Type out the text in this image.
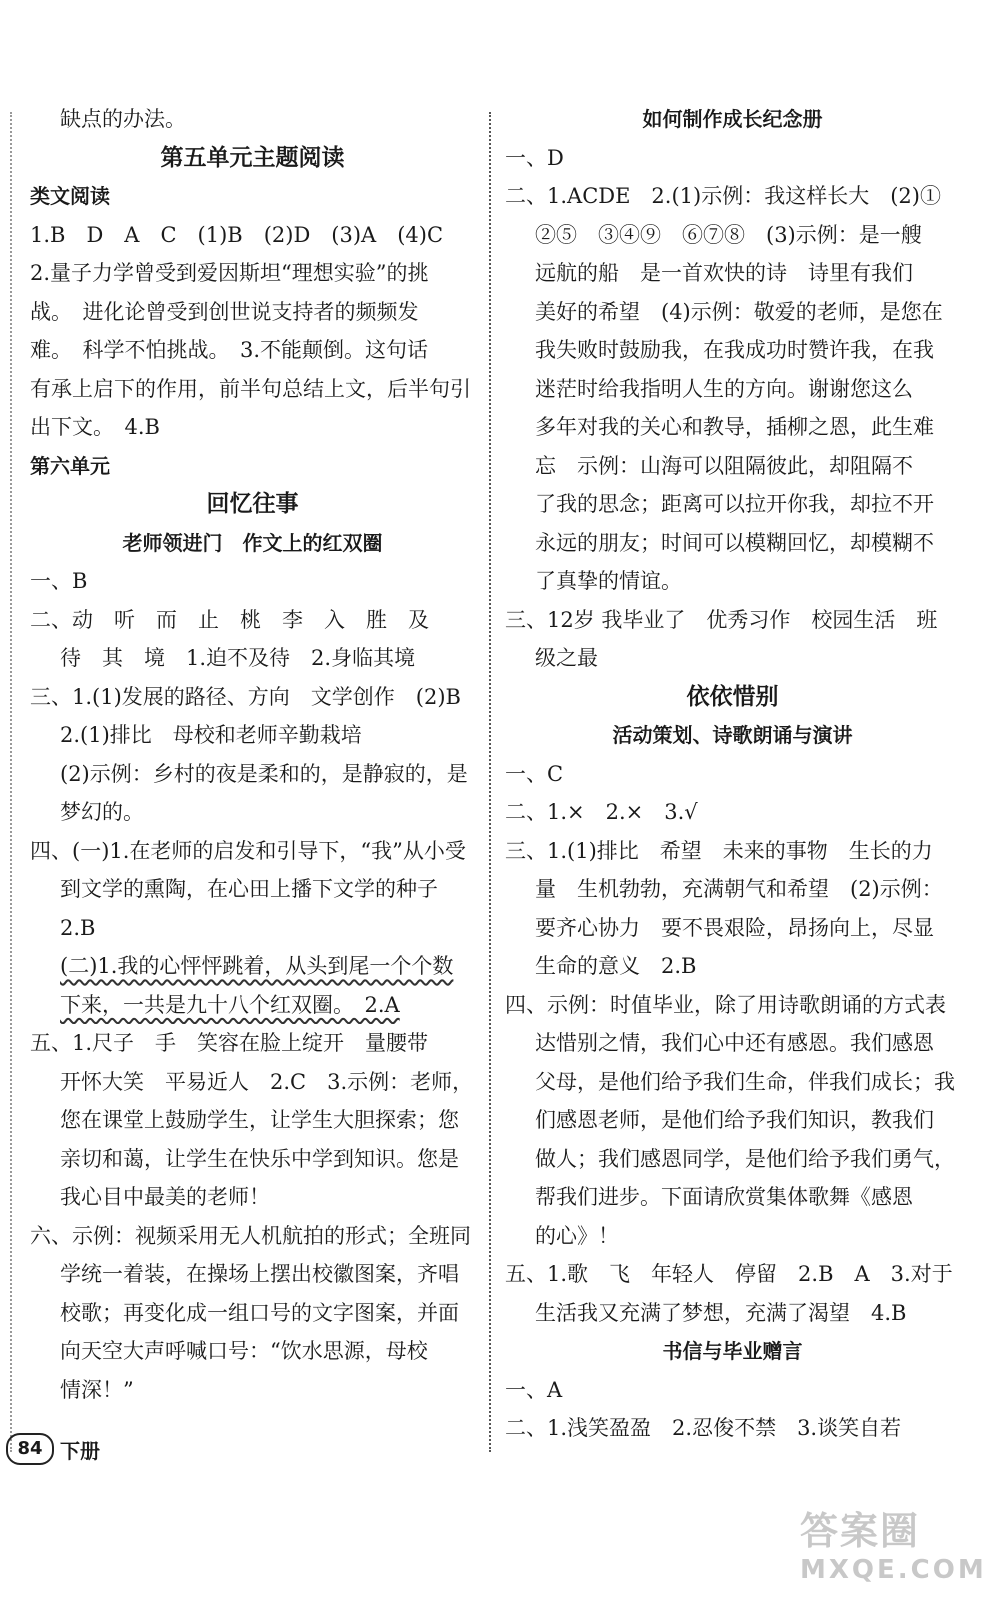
缺点的办法。
第五单元主题阅读
类文阅读
1.B　D　A　C　(1)B　(2)D　(3)A　(4)C
2.量子力学曾受到爱因斯坦“理想实验”的挑
战。　进化论曾受到创世说支持者的频频发
难。　科学不怕挑战。　3.不能颠倒。这句话
有承上启下的作用，前半句总结上文，后半句引
出下文。　4.B
第六单元
回忆往事
老师领进门　作文上的红双圈
一、B
二、动　听　而　止　桃　李　入　胜　及
待　其　境　1.迫不及待　2.身临其境
三、1.(1)发展的路径、方向　文学创作　(2)B
2.(1)排比　母校和老师辛勤栽培
(2)示例：乡村的夜是柔和的，是静寂的，是
梦幻的。
四、(一)1.在老师的启发和引导下，“我”从小受
到文学的熏陶，在心田上播下文学的种子
2.B
(二)1.我的心怦怦跳着，从头到尾一个个数
下来，一共是九十八个红双圈。　2.A
五、1.尺子　手　笑容在脸上绽开　量腰带
开怀大笑　平易近人　2.C　3.示例：老师，
您在课堂上鼓励学生，让学生大胆探索；您
亲切和蔼，让学生在快乐中学到知识。您是
我心目中最美的老师！
六、示例：视频采用无人机航拍的形式；全班同
学统一着装，在操场上摆出校徽图案，齐唱
校歌；再变化成一组口号的文字图案，并面
向天空大声呼喊口号：“饮水思源，母校
情深！”
如何制作成长纪念册
一、D
二、1.ACDE　2.(1)示例：我这样长大　(2)①
②⑤　③④⑨　⑥⑦⑧　(3)示例：是一艘
远航的船　是一首欢快的诗　诗里有我们
美好的希望　(4)示例：敬爱的老师，是您在
我失败时鼓励我，在我成功时赞许我，在我
迷茫时给我指明人生的方向。谢谢您这么
多年对我的关心和教导，插柳之恩，此生难
忘　示例：山海可以阻隔彼此，却阻隔不
了我的思念；距离可以拉开你我，却拉不开
永远的朋友；时间可以模糊回忆，却模糊不
了真挚的情谊。
三、12岁 我毕业了　优秀习作　校园生活　班
级之最
依依惜别
活动策划、诗歌朗诵与演讲
一、C
二、1.×　2.×　3.√
三、1.(1)排比　希望　未来的事物　生长的力
量　生机勃勃，充满朝气和希望　(2)示例：
要齐心协力　要不畏艰险，昂扬向上，尽显
生命的意义　2.B
四、示例：时值毕业，除了用诗歌朗诵的方式表
达惜别之情，我们心中还有感恩。我们感恩
父母，是他们给予我们生命，伴我们成长；我
们感恩老师，是他们给予我们知识，教我们
做人；我们感恩同学，是他们给予我们勇气，
帮我们进步。下面请欣赏集体歌舞《感恩
的心》！
五、1.歌　飞　年轻人　停留　2.B　A　3.对于
生活我又充满了梦想，充满了渴望　4.B
书信与毕业赠言
一、A
二、1.浅笑盈盈　2.忍俊不禁　3.谈笑自若
84 下册
答案圈
MXQE.COM
